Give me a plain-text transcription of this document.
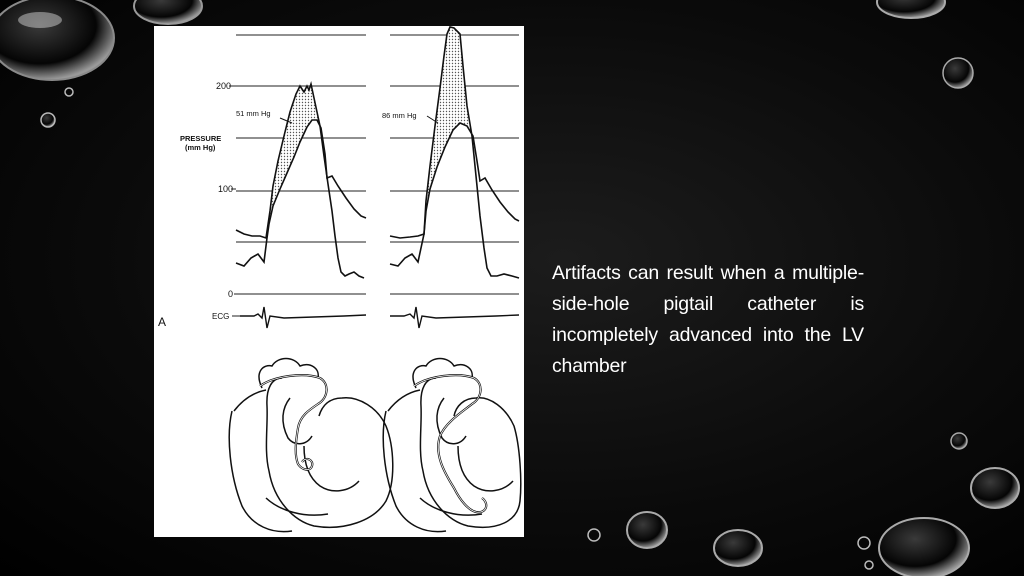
200
100
0
PRESSURE
(mm Hg)
A	ECG
51 mm Hg	86 mm Hg
Artifacts can result when a multiple-side-hole pigtail catheter is incompletely advanced into the LV chamber
